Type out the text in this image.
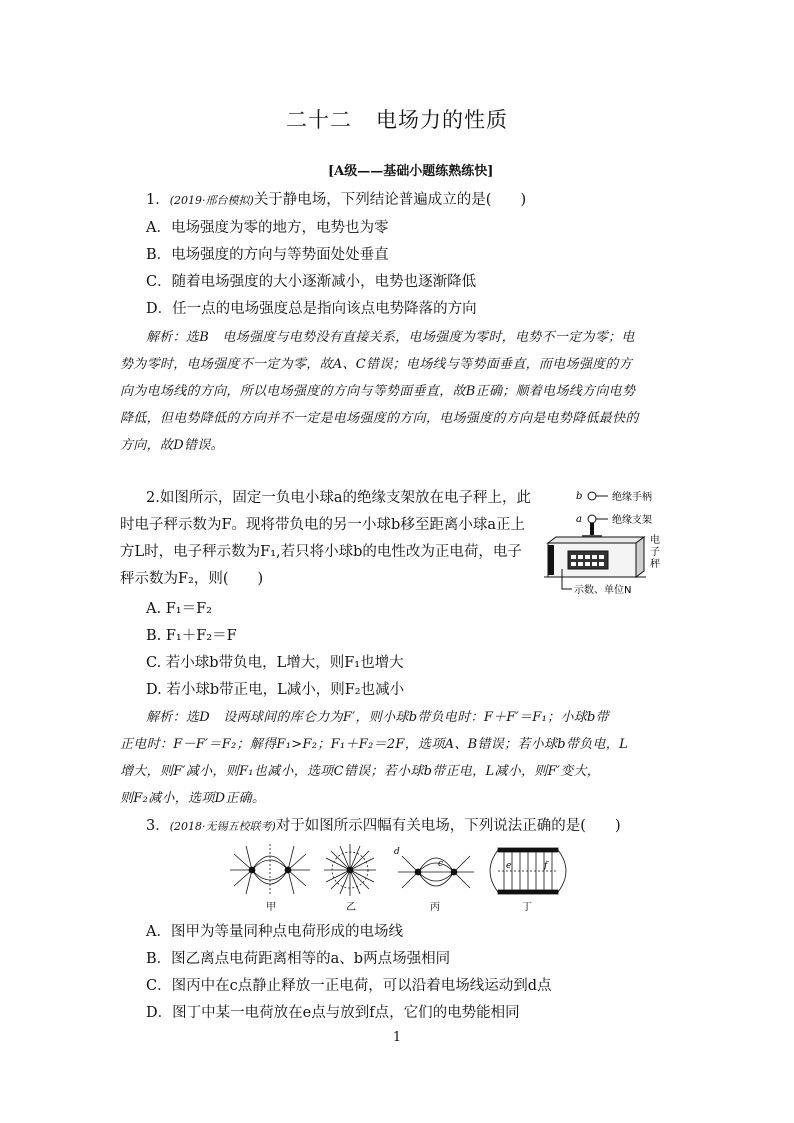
二十二 电场力的性质
[A级——基础小题练熟练快]
1．(2019·邢台模拟)关于静电场，下列结论普遍成立的是(　　)
A．电场强度为零的地方，电势也为零
B．电场强度的方向与等势面处处垂直
C．随着电场强度的大小逐渐减小，电势也逐渐降低
D．任一点的电场强度总是指向该点电势降落的方向
解析：选B　电场强度与电势没有直接关系，电场强度为零时，电势不一定为零；电
势为零时，电场强度不一定为零，故A、C错误；电场线与等势面垂直，而电场强度的方
向为电场线的方向，所以电场强度的方向与等势面垂直，故B正确；顺着电场线方向电势
降低，但电势降低的方向并不一定是电场强度的方向，电场强度的方向是电势降低最快的
方向，故D错误。
2.如图所示，固定一负电小球a的绝缘支架放在电子秤上，此
时电子秤示数为F。现将带负电的另一小球b移至距离小球a正上
方L时，电子秤示数为F₁,若只将小球b的电性改为正电荷，电子
秤示数为F₂，则(　　)
b	绝缘手柄
a	绝缘支架
电
子
秤
示数、单位N
A. F₁＝F₂
B. F₁＋F₂＝F
C. 若小球b带负电，L增大，则F₁也增大
D. 若小球b带正电，L减小，则F₂也减小
解析：选D　设两球间的库仑力为F′，则小球b带负电时：F＋F′＝F₁；小球b带
正电时：F－F′＝F₂；解得F₁>F₂；F₁＋F₂＝2F，选项A、B错误；若小球b带负电，L
增大，则F′减小，则F₁也减小，选项C错误；若小球b带正电，L减小，则F′变大，
则F₂减小，选项D正确。
3．(2018·无锡五校联考)对于如图所示四幅有关电场，下列说法正确的是(　　)
甲	乙
d
c
丙
e	f
丁
A．图甲为等量同种点电荷形成的电场线
B．图乙离点电荷距离相等的a、b两点场强相同
C．图丙中在c点静止释放一正电荷，可以沿着电场线运动到d点
D．图丁中某一电荷放在e点与放到f点，它们的电势能相同
1
